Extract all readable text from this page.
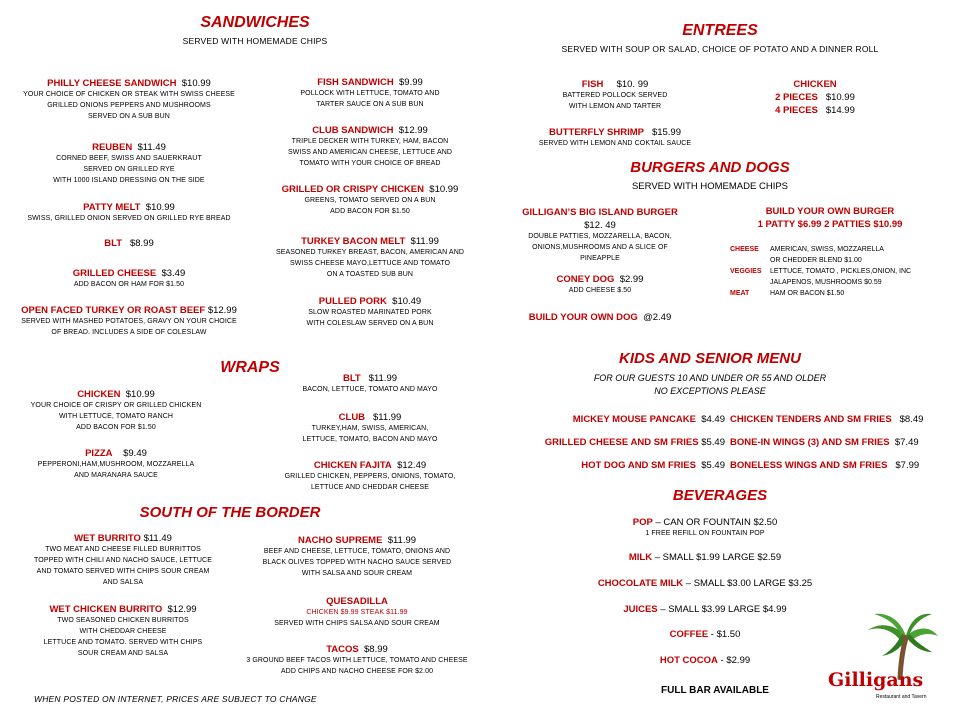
SANDWICHES
SERVED WITH HOMEMADE CHIPS
PHILLY CHEESE SANDWICH $10.99
YOUR CHOICE OF CHICKEN OR STEAK WITH SWISS CHEESE
GRILLED ONIONS PEPPERS AND MUSHROOMS
SERVED ON A SUB BUN
REUBEN $11.49
CORNED BEEF, SWISS AND SAUERKRAUT
SERVED ON GRILLED RYE
WITH 1000 ISLAND DRESSING ON THE SIDE
PATTY MELT $10.99
SWISS, GRILLED ONION SERVED ON GRILLED RYE BREAD
BLT $8.99
GRILLED CHEESE $3.49
ADD BACON OR HAM FOR $1.50
OPEN FACED TURKEY OR ROAST BEEF $12.99
SERVED WITH MASHED POTATOES, GRAVY ON YOUR CHOICE
OF BREAD. INCLUDES A SIDE OF COLESLAW
FISH SANDWICH $9.99
POLLOCK WITH LETTUCE, TOMATO AND
TARTER SAUCE ON A SUB BUN
CLUB SANDWICH $12.99
TRIPLE DECKER WITH TURKEY, HAM, BACON
SWISS AND AMERICAN CHEESE, LETTUCE AND
TOMATO WITH YOUR CHOICE OF BREAD
GRILLED OR CRISPY CHICKEN $10.99
GREENS, TOMATO SERVED ON A BUN
ADD BACON FOR $1.50
TURKEY BACON MELT $11.99
SEASONED TURKEY BREAST, BACON, AMERICAN AND
SWISS CHEESE MAYO,LETTUCE AND TOMATO
ON A TOASTED SUB BUN
PULLED PORK $10.49
SLOW ROASTED MARINATED PORK
WITH COLESLAW SERVED ON A BUN
WRAPS
CHICKEN $10.99
YOUR CHOICE OF CRISPY OR GRILLED CHICKEN
WITH LETTUCE, TOMATO RANCH
ADD BACON FOR $1.50
PIZZA $9.49
PEPPERONI,HAM,MUSHROOM, MOZZARELLA
AND MARANARA SAUCE
BLT $11.99
BACON, LETTUCE, TOMATO AND MAYO
CLUB $11.99
TURKEY,HAM, SWISS, AMERICAN,
LETTUCE, TOMATO, BACON AND MAYO
CHICKEN FAJITA $12.49
GRILLED CHICKEN, PEPPERS, ONIONS, TOMATO,
LETTUCE AND CHEDDAR CHEESE
SOUTH OF THE BORDER
WET BURRITO $11.49
TWO MEAT AND CHEESE FILLED BURRITTOS
TOPPED WITH CHILI AND NACHO SAUCE, LETTUCE
AND TOMATO SERVED WITH CHIPS SOUR CREAM
AND SALSA
WET CHICKEN BURRITO $12.99
TWO SEASONED CHICKEN BURRITOS
WITH CHEDDAR CHEESE
LETTUCE AND TOMATO. SERVED WITH CHIPS
SOUR CREAM AND SALSA
NACHO SUPREME $11.99
BEEF AND CHEESE, LETTUCE, TOMATO, ONIONS AND
BLACK OLIVES TOPPED WITH NACHO SAUCE SERVED
WITH SALSA AND SOUR CREAM
QUESADILLA
CHICKEN $9.99 STEAK $11.99
SERVED WITH CHIPS SALSA AND SOUR CREAM
TACOS $8.99
3 GROUND BEEF TACOS WITH LETTUCE, TOMATO AND CHEESE
ADD CHIPS AND NACHO CHEESE FOR $2.00
WHEN POSTED ON INTERNET, PRICES ARE SUBJECT TO CHANGE
ENTREES
SERVED WITH SOUP OR SALAD, CHOICE OF POTATO AND A DINNER ROLL
FISH $10. 99
BATTERED POLLOCK SERVED
WITH LEMON AND TARTER
CHICKEN
2 PIECES $10.99
4 PIECES $14.99
BUTTERFLY SHRIMP $15.99
SERVED WITH LEMON AND COKTAIL SAUCE
BURGERS AND DOGS
SERVED WITH HOMEMADE CHIPS
GILLIGAN’S BIG ISLAND BURGER
$12. 49
DOUBLE PATTIES, MOZZARELLA, BACON,
ONIONS,MUSHROOMS AND A SLICE OF
PINEAPPLE
CONEY DOG $2.99
ADD CHEESE $.50
BUILD YOUR OWN DOG @2.49
BUILD YOUR OWN BURGER
1 PATTY $6.99 2 PATTIES $10.99
CHEESE	AMERICAN, SWISS, MOZZARELLA
OR CHEDDER BLEND $1.00
VEGGIES	LETTUCE, TOMATO , PICKLES,ONION, INC
JALAPENOS, MUSHROOMS $0.59
MEAT	HAM OR BACON $1.50
KIDS AND SENIOR MENU
FOR OUR GUESTS 10 AND UNDER OR 55 AND OLDER
NO EXCEPTIONS PLEASE
MICKEY MOUSE PANCAKE $4.49
GRILLED CHEESE AND SM FRIES $5.49
HOT DOG AND SM FRIES $5.49
CHICKEN TENDERS AND SM FRIES $8.49
BONE-IN WINGS (3) AND SM FRIES $7.49
BONELESS WINGS AND SM FRIES $7.99
BEVERAGES
POP – CAN OR FOUNTAIN $2.50
1 FREE REFILL ON FOUNTAIN POP
MILK – SMALL $1.99 LARGE $2.59
CHOCOLATE MILK – SMALL $3.00 LARGE $3.25
JUICES – SMALL $3.99 LARGE $4.99
COFFEE - $1.50
HOT COCOA - $2.99
FULL BAR AVAILABLE	Gilligans
Restaurant and Tavern
